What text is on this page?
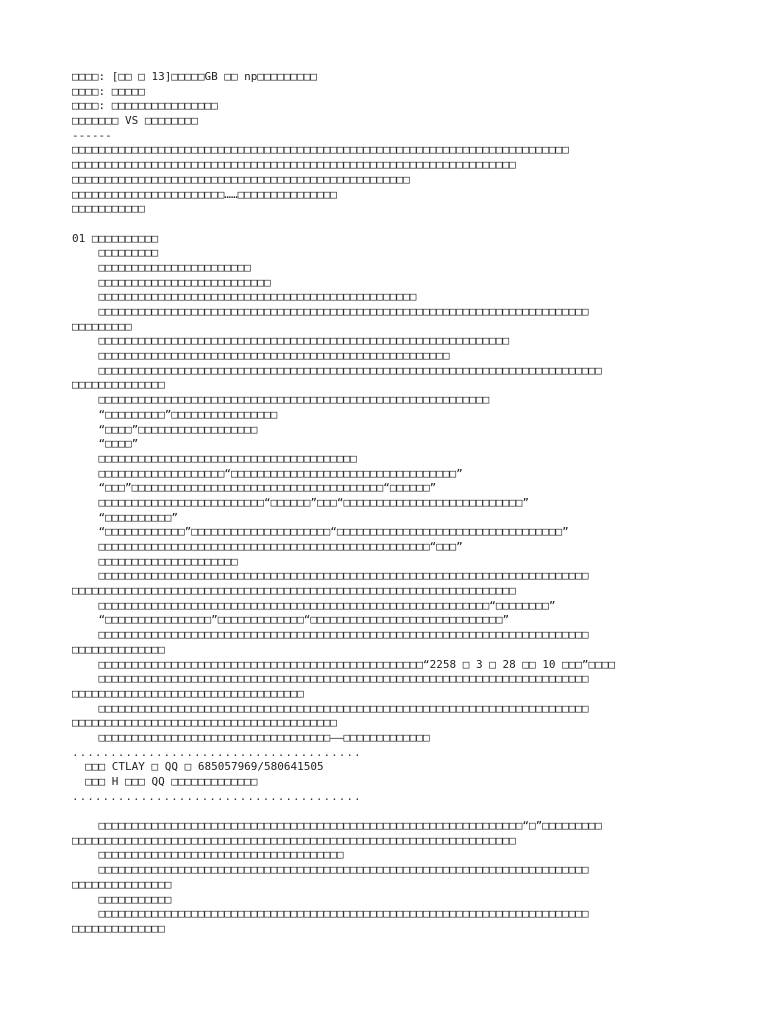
□□□□: [□□ □ 13]□□□□□GB □□ np□□□□□□□□□
□□□□: □□□□□
□□□□: □□□□□□□□□□□□□□□□
□□□□□□□ VS □□□□□□□□
------
□□□□□□□□□□□□□□□□□□□□□□□□□□□□□□□□□□□□□□□□□□□□□□□□□□□□□□□□□□□□□□□□□□□□□□□□□□□
□□□□□□□□□□□□□□□□□□□□□□□□□□□□□□□□□□□□□□□□□□□□□□□□□□□□□□□□□□□□□□□□□□□
□□□□□□□□□□□□□□□□□□□□□□□□□□□□□□□□□□□□□□□□□□□□□□□□□□□
□□□□□□□□□□□□□□□□□□□□□□□……□□□□□□□□□□□□□□□
□□□□□□□□□□□
01 □□□□□□□□□□
□□□□□□□□□
□□□□□□□□□□□□□□□□□□□□□□□
□□□□□□□□□□□□□□□□□□□□□□□□□□
□□□□□□□□□□□□□□□□□□□□□□□□□□□□□□□□□□□□□□□□□□□□□□□□
□□□□□□□□□□□□□□□□□□□□□□□□□□□□□□□□□□□□□□□□□□□□□□□□□□□□□□□□□□□□□□□□□□□□□□□□□□
□□□□□□□□□
□□□□□□□□□□□□□□□□□□□□□□□□□□□□□□□□□□□□□□□□□□□□□□□□□□□□□□□□□□□□□□
□□□□□□□□□□□□□□□□□□□□□□□□□□□□□□□□□□□□□□□□□□□□□□□□□□□□□
□□□□□□□□□□□□□□□□□□□□□□□□□□□□□□□□□□□□□□□□□□□□□□□□□□□□□□□□□□□□□□□□□□□□□□□□□□□□
□□□□□□□□□□□□□□
□□□□□□□□□□□□□□□□□□□□□□□□□□□□□□□□□□□□□□□□□□□□□□□□□□□□□□□□□□□
“□□□□□□□□□”□□□□□□□□□□□□□□□□
“□□□□”□□□□□□□□□□□□□□□□□□
“□□□□”
□□□□□□□□□□□□□□□□□□□□□□□□□□□□□□□□□□□□□□□
□□□□□□□□□□□□□□□□□□□“□□□□□□□□□□□□□□□□□□□□□□□□□□□□□□□□□□”
“□□□”□□□□□□□□□□□□□□□□□□□□□□□□□□□□□□□□□□□□□□“□□□□□□”
□□□□□□□□□□□□□□□□□□□□□□□□□“□□□□□□”□□□“□□□□□□□□□□□□□□□□□□□□□□□□□□□”
“□□□□□□□□□□”
“□□□□□□□□□□□□”□□□□□□□□□□□□□□□□□□□□□“□□□□□□□□□□□□□□□□□□□□□□□□□□□□□□□□□□”
□□□□□□□□□□□□□□□□□□□□□□□□□□□□□□□□□□□□□□□□□□□□□□□□□□“□□□”
□□□□□□□□□□□□□□□□□□□□□
□□□□□□□□□□□□□□□□□□□□□□□□□□□□□□□□□□□□□□□□□□□□□□□□□□□□□□□□□□□□□□□□□□□□□□□□□□
□□□□□□□□□□□□□□□□□□□□□□□□□□□□□□□□□□□□□□□□□□□□□□□□□□□□□□□□□□□□□□□□□□□
□□□□□□□□□□□□□□□□□□□□□□□□□□□□□□□□□□□□□□□□□□□□□□□□□□□□□□□□□□□“□□□□□□□□”
“□□□□□□□□□□□□□□□□”□□□□□□□□□□□□□“□□□□□□□□□□□□□□□□□□□□□□□□□□□□□”
□□□□□□□□□□□□□□□□□□□□□□□□□□□□□□□□□□□□□□□□□□□□□□□□□□□□□□□□□□□□□□□□□□□□□□□□□□
□□□□□□□□□□□□□□
□□□□□□□□□□□□□□□□□□□□□□□□□□□□□□□□□□□□□□□□□□□□□□□□□“2258 □ 3 □ 28 □□ 10 □□□”□□□□
□□□□□□□□□□□□□□□□□□□□□□□□□□□□□□□□□□□□□□□□□□□□□□□□□□□□□□□□□□□□□□□□□□□□□□□□□□
□□□□□□□□□□□□□□□□□□□□□□□□□□□□□□□□□□□
□□□□□□□□□□□□□□□□□□□□□□□□□□□□□□□□□□□□□□□□□□□□□□□□□□□□□□□□□□□□□□□□□□□□□□□□□□
□□□□□□□□□□□□□□□□□□□□□□□□□□□□□□□□□□□□□□□□
□□□□□□□□□□□□□□□□□□□□□□□□□□□□□□□□□□□——□□□□□□□□□□□□□
......................................
□□□ CTLAY □ QQ □ 685057969/580641505
□□□ H □□□ QQ □□□□□□□□□□□□□
......................................
□□□□□□□□□□□□□□□□□□□□□□□□□□□□□□□□□□□□□□□□□□□□□□□□□□□□□□□□□□□□□□□□“□”□□□□□□□□□
□□□□□□□□□□□□□□□□□□□□□□□□□□□□□□□□□□□□□□□□□□□□□□□□□□□□□□□□□□□□□□□□□□□
□□□□□□□□□□□□□□□□□□□□□□□□□□□□□□□□□□□□□
□□□□□□□□□□□□□□□□□□□□□□□□□□□□□□□□□□□□□□□□□□□□□□□□□□□□□□□□□□□□□□□□□□□□□□□□□□
□□□□□□□□□□□□□□□
□□□□□□□□□□□
□□□□□□□□□□□□□□□□□□□□□□□□□□□□□□□□□□□□□□□□□□□□□□□□□□□□□□□□□□□□□□□□□□□□□□□□□□
□□□□□□□□□□□□□□
